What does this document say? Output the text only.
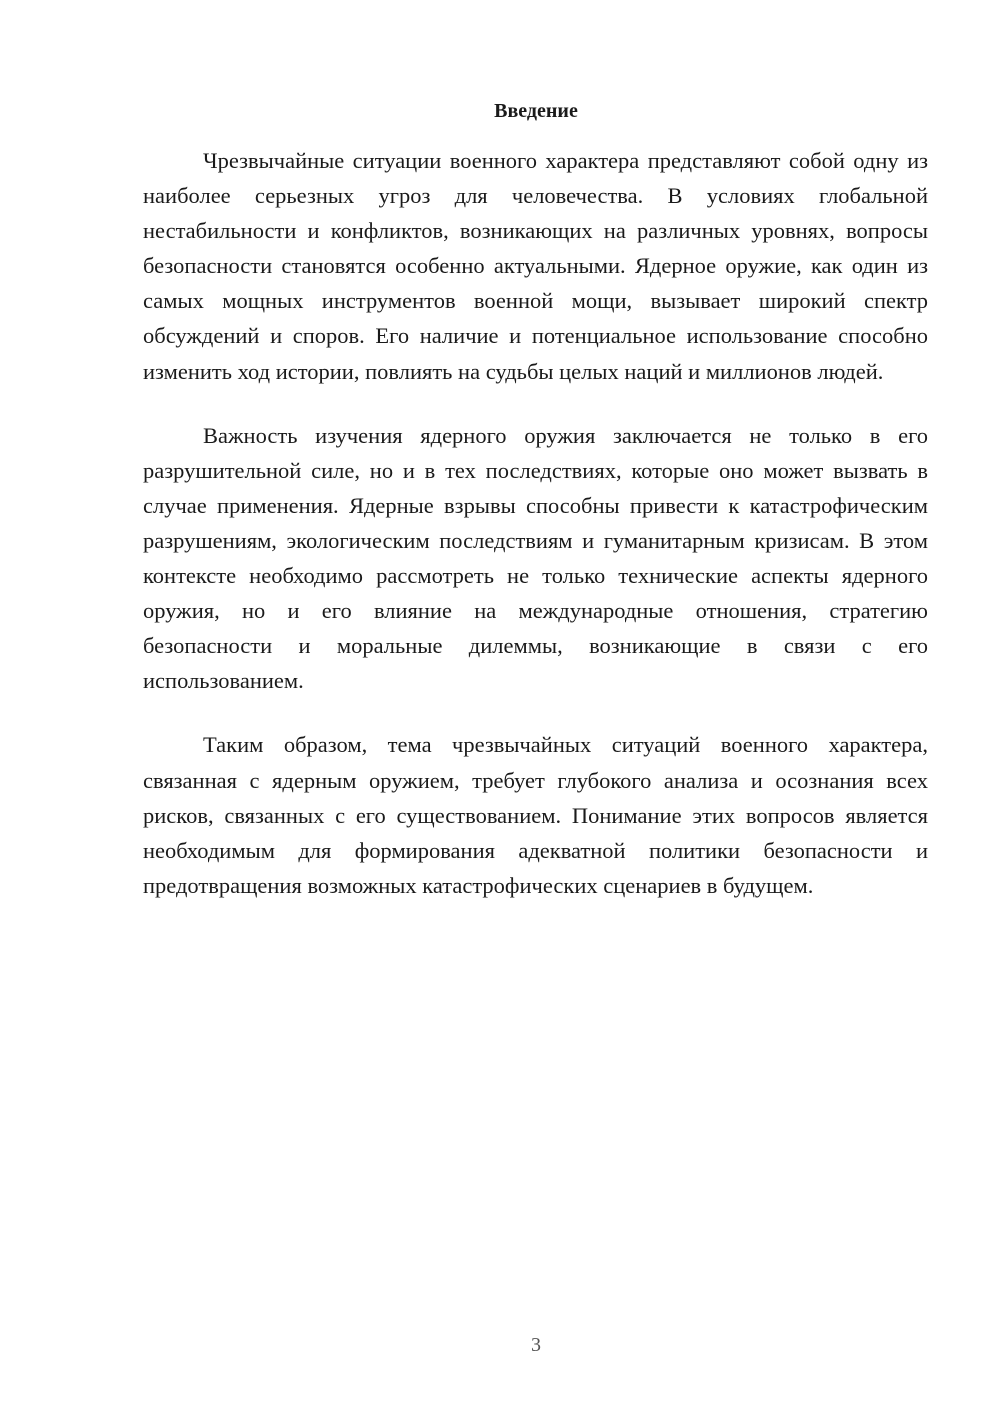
Введение

Чрезвычайные ситуации военного характера представляют собой одну из наиболее серьезных угроз для человечества. В условиях глобальной нестабильности и конфликтов, возникающих на различных уровнях, вопросы безопасности становятся особенно актуальными. Ядерное оружие, как один из самых мощных инструментов военной мощи, вызывает широкий спектр обсуждений и споров. Его наличие и потенциальное использование способно изменить ход истории, повлиять на судьбы целых наций и миллионов людей.

Важность изучения ядерного оружия заключается не только в его разрушительной силе, но и в тех последствиях, которые оно может вызвать в случае применения. Ядерные взрывы способны привести к катастрофическим разрушениям, экологическим последствиям и гуманитарным кризисам. В этом контексте необходимо рассмотреть не только технические аспекты ядерного оружия, но и его влияние на международные отношения, стратегию безопасности и моральные дилеммы, возникающие в связи с его использованием.

Таким образом, тема чрезвычайных ситуаций военного характера, связанная с ядерным оружием, требует глубокого анализа и осознания всех рисков, связанных с его существованием. Понимание этих вопросов является необходимым для формирования адекватной политики безопасности и предотвращения возможных катастрофических сценариев в будущем.

3
